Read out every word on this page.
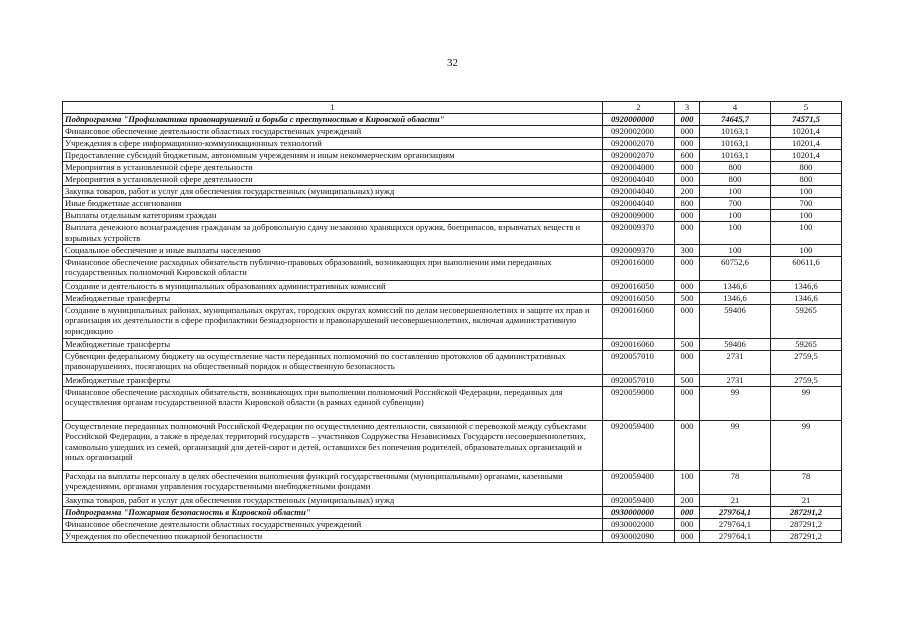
32
1	2	3	4	5
Подпрограмма "Профилактика правонарушений и борьба с преступностью в Кировской области"	0920000000	000	74645,7	74571,5
Финансовое обеспечение деятельности областных государственных учреждений	0920002000	000	10163,1	10201,4
Учреждения в сфере информационно-коммуникационных технологий	0920002070	000	10163,1	10201,4
Предоставление субсидий бюджетным, автономным учреждениям и иным некоммерческим организациям	0920002070	600	10163,1	10201,4
Мероприятия в установленной сфере деятельности	0920004000	000	800	800
Мероприятия в установленной сфере деятельности	0920004040	000	800	800
Закупка товаров, работ и услуг для обеспечения государственных (муниципальных) нужд	0920004040	200	100	100
Иные бюджетные ассигнования	0920004040	800	700	700
Выплаты отдельным категориям граждан	0920009000	000	100	100
Выплата денежного вознаграждения гражданам за добровольную сдачу незаконно хранящихся оружия, боеприпасов, взрывчатых веществ и взрывных устройств	0920009370	000	100	100
Социальное обеспечение и иные выплаты населению	0920009370	300	100	100
Финансовое обеспечение расходных обязательств публично-правовых образований, возникающих при выполнении ими переданных государственных полномочий Кировской области	0920016000	000	60752,6	60611,6
Создание и деятельность в муниципальных образованиях административных комиссий	0920016050	000	1346,6	1346,6
Межбюджетные трансферты	0920016050	500	1346,6	1346,6
Создание в муниципальных районах, муниципальных округах, городских округах комиссий по делам несовершеннолетних и защите их прав и организация их деятельности в сфере профилактики безнадзорности и правонарушений несовершеннолетних, включая административную юрисдикцию	0920016060	000	59406	59265
Межбюджетные трансферты	0920016060	500	59406	59265
Субвенции федеральному бюджету на осуществление части переданных полномочий по составлению протоколов об административных правонарушениях, посягающих на общественный порядок и общественную безопасность	0920057010	000	2731	2759,5
Межбюджетные трансферты	0920057010	500	2731	2759,5
Финансовое обеспечение расходных обязательств, возникающих при выполнении полномочий Российской Федерации, переданных для осуществления органам государственной власти Кировской области (в рамках единой субвенции)	0920059000	000	99	99
Осуществление переданных полномочий Российской Федерации по осуществлению деятельности, связанной с перевозкой между субъектами Российской Федерации, а также в пределах территорий государств – участников Содружества Независимых Государств несовершеннолетних, самовольно ушедших из семей, организаций для детей-сирот и детей, оставшихся без попечения родителей, образовательных организаций и иных организаций	0920059400	000	99	99
Расходы на выплаты персоналу в целях обеспечения выполнения функций государственными (муниципальными) органами, казенными учреждениями, органами управления государственными внебюджетными фондами	0920059400	100	78	78
Закупка товаров, работ и услуг для обеспечения государственных (муниципальных) нужд	0920059400	200	21	21
Подпрограмма "Пожарная безопасность в Кировской области"	0930000000	000	279764,1	287291,2
Финансовое обеспечение деятельности областных государственных учреждений	0930002000	000	279764,1	287291,2
Учреждения по обеспечению пожарной безопасности	0930002090	000	279764,1	287291,2
